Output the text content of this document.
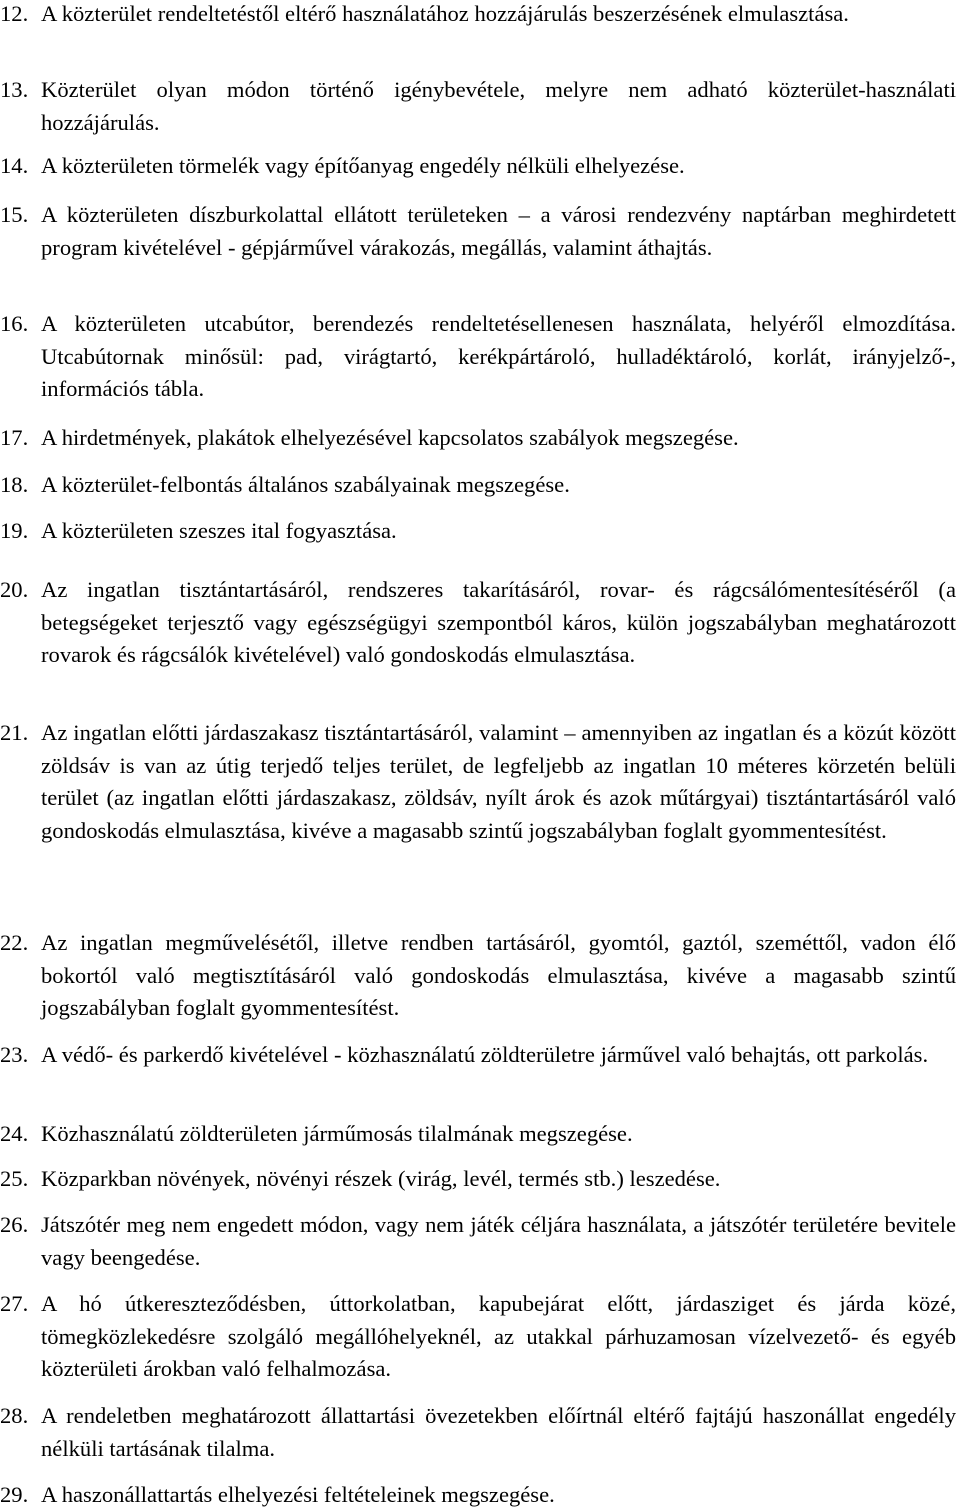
12. A közterület rendeltetéstől eltérő használatához hozzájárulás beszerzésének elmulasztása.
13. Közterület olyan módon történő igénybevétele, melyre nem adható közterület-használati hozzájárulás.
14. A közterületen törmelék vagy építőanyag engedély nélküli elhelyezése.
15. A közterületen díszburkolattal ellátott területeken – a városi rendezvény naptárban meghirdetett program kivételével - gépjárművel várakozás, megállás, valamint áthajtás.
16. A közterületen utcabútor, berendezés rendeltetésellenesen használata, helyéről elmozdítása. Utcabútornak minősül: pad, virágtartó, kerékpártároló, hulladéktároló, korlát, irányjelző-, információs tábla.
17. A hirdetmények, plakátok elhelyezésével kapcsolatos szabályok megszegése.
18. A közterület-felbontás általános szabályainak megszegése.
19. A közterületen szeszes ital fogyasztása.
20. Az ingatlan tisztántartásáról, rendszeres takarításáról, rovar- és rágcsálómentesítéséről (a betegségeket terjesztő vagy egészségügyi szempontból káros, külön jogszabályban meghatározott rovarok és rágcsálók kivételével) való gondoskodás elmulasztása.
21. Az ingatlan előtti járdaszakasz tisztántartásáról, valamint – amennyiben az ingatlan és a közút között zöldsáv is van az útig terjedő teljes terület, de legfeljebb az ingatlan 10 méteres körzetén belüli terület (az ingatlan előtti járdaszakasz, zöldsáv, nyílt árok és azok műtárgyai) tisztántartásáról való gondoskodás elmulasztása, kivéve a magasabb szintű jogszabályban foglalt gyommentesítést.
22. Az ingatlan megművelésétől, illetve rendben tartásáról, gyomtól, gaztól, szeméttől, vadon élő bokortól való megtisztításáról való gondoskodás elmulasztása, kivéve a magasabb szintű jogszabályban foglalt gyommentesítést.
23. A védő- és parkerdő kivételével - közhasználatú zöldterületre járművel való behajtás, ott parkolás.
24. Közhasználatú zöldterületen járműmosás tilalmának megszegése.
25. Közparkban növények, növényi részek (virág, levél, termés stb.) leszedése.
26. Játszótér meg nem engedett módon, vagy nem játék céljára használata, a játszótér területére bevitele vagy beengedése.
27. A hó útkereszteződésben, úttorkolatban, kapubejárat előtt, járdasziget és járda közé, tömegközlekedésre szolgáló megállóhelyeknél, az utakkal párhuzamosan vízelvezető- és egyéb közterületi árokban való felhalmozása.
28. A rendeletben meghatározott állattartási övezetekben előírtnál eltérő fajtájú haszonállat engedély nélküli tartásának tilalma.
29. A haszonállattartás elhelyezési feltételeinek megszegése.
